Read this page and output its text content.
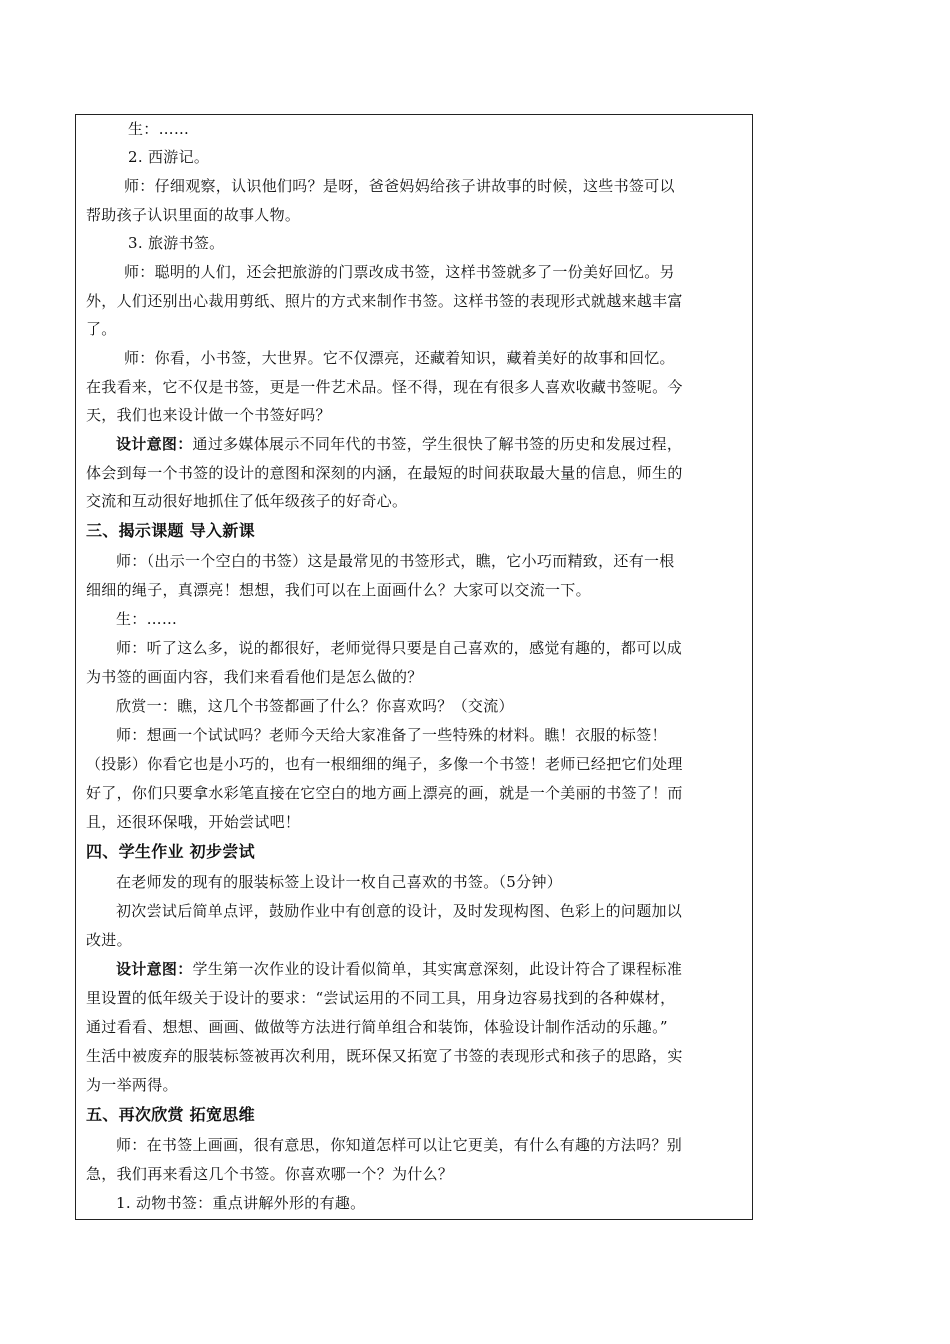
生：……
2. 西游记。
师：仔细观察，认识他们吗？是呀，爸爸妈妈给孩子讲故事的时候，这些书签可以
帮助孩子认识里面的故事人物。
3. 旅游书签。
师：聪明的人们，还会把旅游的门票改成书签，这样书签就多了一份美好回忆。另
外，人们还别出心裁用剪纸、照片的方式来制作书签。这样书签的表现形式就越来越丰富
了。
师：你看，小书签，大世界。它不仅漂亮，还藏着知识，藏着美好的故事和回忆。
在我看来，它不仅是书签，更是一件艺术品。怪不得，现在有很多人喜欢收藏书签呢。今
天，我们也来设计做一个书签好吗？
设计意图：通过多媒体展示不同年代的书签，学生很快了解书签的历史和发展过程，
体会到每一个书签的设计的意图和深刻的内涵，在最短的时间获取最大量的信息，师生的
交流和互动很好地抓住了低年级孩子的好奇心。
三、揭示课题 导入新课
师：（出示一个空白的书签）这是最常见的书签形式，瞧，它小巧而精致，还有一根
细细的绳子，真漂亮！想想，我们可以在上面画什么？大家可以交流一下。
生：……
师：听了这么多，说的都很好，老师觉得只要是自己喜欢的，感觉有趣的，都可以成
为书签的画面内容，我们来看看他们是怎么做的？
欣赏一：瞧，这几个书签都画了什么？你喜欢吗？（交流）
师：想画一个试试吗？老师今天给大家准备了一些特殊的材料。瞧！衣服的标签！
（投影）你看它也是小巧的，也有一根细细的绳子，多像一个书签！老师已经把它们处理
好了，你们只要拿水彩笔直接在它空白的地方画上漂亮的画，就是一个美丽的书签了！而
且，还很环保哦，开始尝试吧！
四、学生作业 初步尝试
在老师发的现有的服装标签上设计一枚自己喜欢的书签。（5分钟）
初次尝试后简单点评，鼓励作业中有创意的设计，及时发现构图、色彩上的问题加以
改进。
设计意图：学生第一次作业的设计看似简单，其实寓意深刻，此设计符合了课程标准
里设置的低年级关于设计的要求：“尝试运用的不同工具，用身边容易找到的各种媒材，
通过看看、想想、画画、做做等方法进行简单组合和装饰，体验设计制作活动的乐趣。”
生活中被废弃的服装标签被再次利用，既环保又拓宽了书签的表现形式和孩子的思路，实
为一举两得。
五、再次欣赏 拓宽思维
师：在书签上画画，很有意思，你知道怎样可以让它更美，有什么有趣的方法吗？别
急，我们再来看这几个书签。你喜欢哪一个？为什么？
1. 动物书签：重点讲解外形的有趣。
